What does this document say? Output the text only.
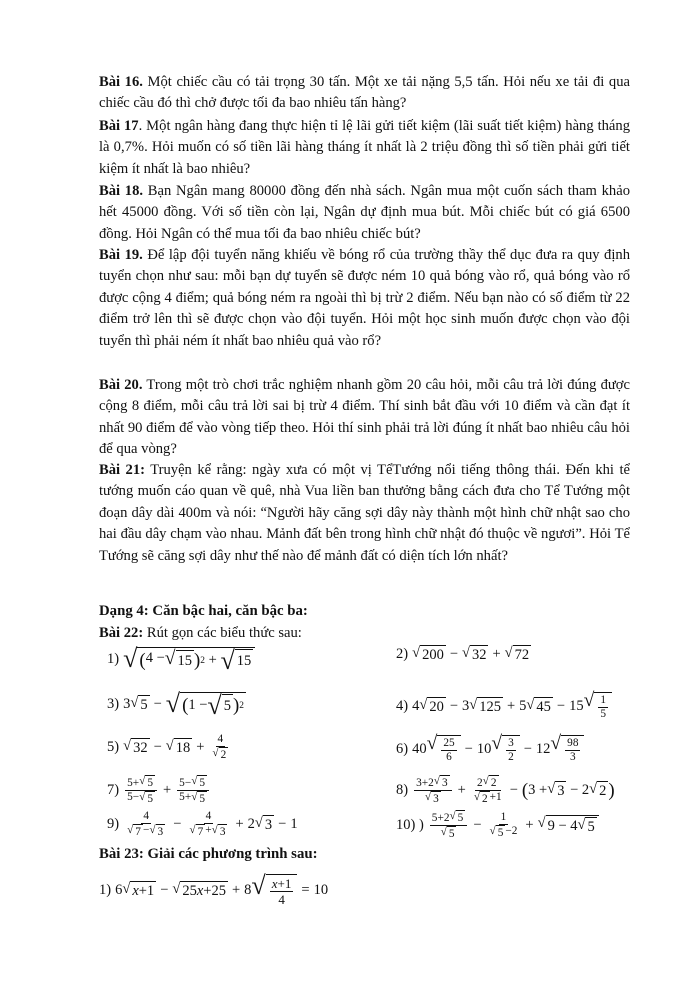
Bài 16. Một chiếc cầu có tải trọng 30 tấn. Một xe tải nặng 5,5 tấn. Hỏi nếu xe tải đi qua chiếc cầu đó thì chở được tối đa bao nhiêu tấn hàng?
Bài 17. Một ngân hàng đang thực hiện tỉ lệ lãi gửi tiết kiệm (lãi suất tiết kiệm) hàng tháng là 0,7%. Hỏi muốn có số tiền lãi hàng tháng ít nhất là 2 triệu đồng thì số tiền phải gửi tiết kiệm ít nhất là bao nhiêu?
Bài 18. Bạn Ngân mang 80000 đồng đến nhà sách. Ngân mua một cuốn sách tham khảo hết 45000 đồng. Với số tiền còn lại, Ngân dự định mua bút. Mỗi chiếc bút có giá 6500 đồng. Hỏi Ngân có thể mua tối đa bao nhiêu chiếc bút?
Bài 19. Để lập đội tuyển năng khiếu về bóng rổ của trường thầy thể dục đưa ra quy định tuyển chọn như sau: mỗi bạn dự tuyển sẽ được ném 10 quả bóng vào rổ, quả bóng vào rổ được cộng 4 điểm; quả bóng ném ra ngoài thì bị trừ 2 điểm. Nếu bạn nào có số điểm từ 22 điểm trở lên thì sẽ được chọn vào đội tuyển. Hỏi một học sinh muốn được chọn vào đội tuyển thì phải ném ít nhất bao nhiêu quả vào rổ?
Bài 20. Trong một trò chơi trắc nghiệm nhanh gồm 20 câu hỏi, mỗi câu trả lời đúng được cộng 8 điểm, mỗi câu trả lời sai bị trừ 4 điểm. Thí sinh bắt đầu với 10 điểm và cần đạt ít nhất 90 điểm để vào vòng tiếp theo. Hỏi thí sinh phải trả lời đúng ít nhất bao nhiêu câu hỏi để qua vòng?
Bài 21: Truyện kể rằng: ngày xưa có một vị TểTướng nổi tiếng thông thái. Đến khi tể tướng muốn cáo quan về quê, nhà Vua liền ban thưởng bằng cách đưa cho Tể Tướng một đoạn dây dài 400m và nói: “Người hãy căng sợi dây này thành một hình chữ nhật sao cho hai đầu dây chạm vào nhau. Mảnh đất bên trong hình chữ nhật đó thuộc về ngươi”. Hỏi Tể Tướng sẽ căng sợi dây như thế nào để mảnh đất có diện tích lớn nhất?
Dạng 4: Căn bậc hai, căn bậc ba:
Bài 22: Rút gọn các biểu thức sau:
1) √ ( 4 − √ 15 ) 2 + √ 15	2) √ 200 − √ 32 + √ 72
3) 3 √ 5 − √ ( 1 − √ 5 ) 2	4) 4 √ 20 − 3 √ 125 + 5 √ 45 − 15 √ $\frac{1}{5}$
5) √ 32 − √ $18 + \frac{4}{√ 2}$	6) 40 √ $\frac{25}{6} - 10$ √ $\frac{3}{2} - 12$ √ $\frac{98}{3}$
$7) \frac{5+ √ 5}{5- √ 5} + \frac{5- √ 5}{5+ √ 5}$	$8) \frac{3+2 √ 3}{√ 3} + \frac{2 √ 2}{√ 2 +1}$ − ( 3 + √ 3 − 2 √ 2 )
$9) \frac{4}{√ 7 - √ 3} - \frac{4}{√ 7 + √ 3} + 2$ √ 3 − 1	10) ) $\frac{5+2 √ 5}{√ 5} - \frac{1}{√ 5 -2}$ + √ 9 − 4 √ 5
Bài 23: Giải các phương trình sau:
1) 6 √ x +1 − √ 25 x +25 + 8 √ $\frac{x +1}{4} = 10$
